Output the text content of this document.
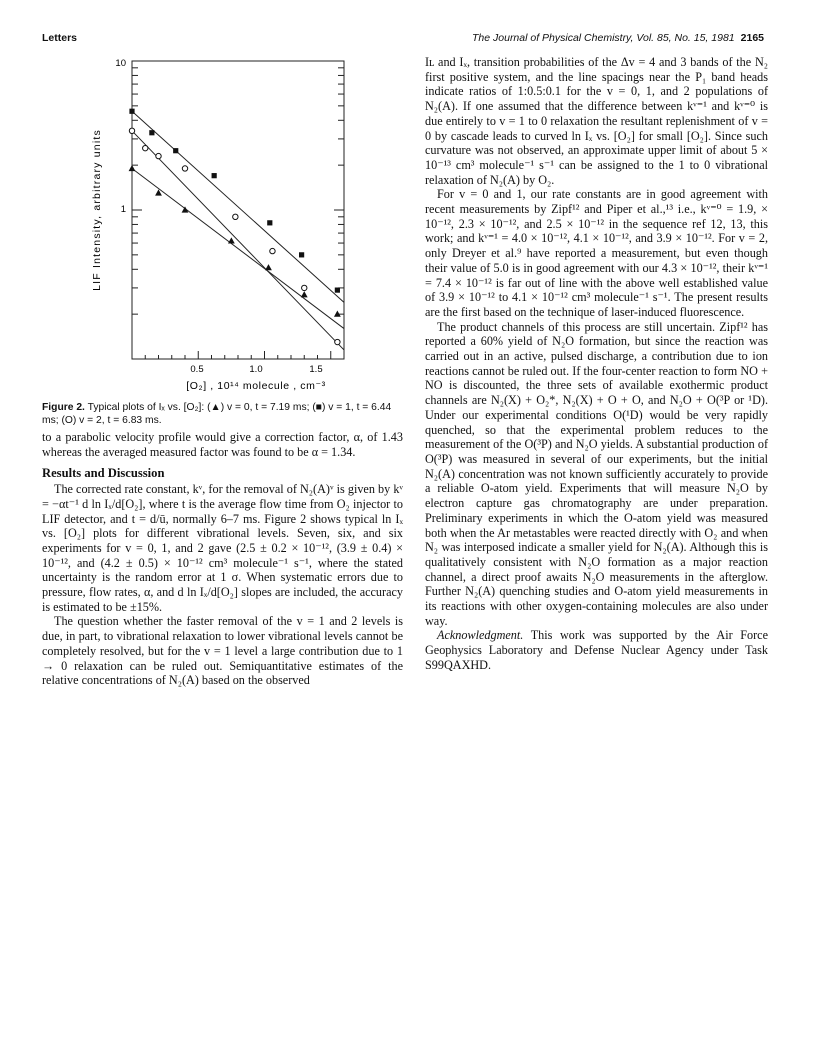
Letters	The Journal of Physical Chemistry, Vol. 85, No. 15, 1981 2165
10
1
0.5	1.0	1.5
LIF Intensity, arbitrary units
[O₂] , 10¹⁴ molecule , cm⁻³
Figure 2. Typical plots of Iₓ vs. [O₂]: (▲) v = 0, t = 7.19 ms; (■) v = 1, t = 6.44 ms; (O) v = 2, t = 6.83 ms.

to a parabolic velocity profile would give a correction factor, α, of 1.43 whereas the averaged measured factor was found to be α = 1.34.

Results and Discussion

The corrected rate constant, kᵛ, for the removal of N₂(A)ᵛ is given by kᵛ = −αt⁻¹ d ln Iₓ/d[O₂], where t is the average flow time from O₂ injector to LIF detector, and t = d/ū, normally 6–7 ms. Figure 2 shows typical ln Iₓ vs. [O₂] plots for different vibrational levels. Seven, six, and six experiments for v = 0, 1, and 2 gave (2.5 ± 0.2 × 10⁻¹², (3.9 ± 0.4) × 10⁻¹², and (4.2 ± 0.5) × 10⁻¹² cm³ molecule⁻¹ s⁻¹, where the stated uncertainty is the random error at 1 σ. When systematic errors due to pressure, flow rates, α, and d ln Iₓ/d[O₂] slopes are included, the accuracy is estimated to be ±15%.

The question whether the faster removal of the v = 1 and 2 levels is due, in part, to vibrational relaxation to lower vibrational levels cannot be completely resolved, but for the v = 1 level a large contribution due to 1 → 0 relaxation can be ruled out. Semiquantitative estimates of the relative concentrations of N₂(A) based on the observed

Iʟ and Iₓ, transition probabilities of the Δv = 4 and 3 bands of the N₂ first positive system, and the line spacings near the P₁ band heads indicate ratios of 1:0.5:0.1 for the v = 0, 1, and 2 populations of N₂(A). If one assumed that the difference between kᵛ⁼¹ and kᵛ⁼⁰ is due entirely to v = 1 to 0 relaxation the resultant replenishment of v = 0 by cascade leads to curved ln Iₓ vs. [O₂] for small [O₂]. Since such curvature was not observed, an approximate upper limit of about 5 × 10⁻¹³ cm³ molecule⁻¹ s⁻¹ can be assigned to the 1 to 0 vibrational relaxation of N₂(A) by O₂.

For v = 0 and 1, our rate constants are in good agreement with recent measurements by Zipf¹² and Piper et al.,¹³ i.e., kᵛ⁼⁰ = 1.9, × 10⁻¹², 2.3 × 10⁻¹², and 2.5 × 10⁻¹² in the sequence ref 12, 13, this work; and kᵛ⁼¹ = 4.0 × 10⁻¹², 4.1 × 10⁻¹², and 3.9 × 10⁻¹². For v = 2, only Dreyer et al.⁹ have reported a measurement, but even though their value of 5.0 is in good agreement with our 4.3 × 10⁻¹², their kᵛ⁼¹ = 7.4 × 10⁻¹² is far out of line with the above well established value of 3.9 × 10⁻¹² to 4.1 × 10⁻¹² cm³ molecule⁻¹ s⁻¹. The present results are the first based on the technique of laser-induced fluorescence.

The product channels of this process are still uncertain. Zipf¹² has reported a 60% yield of N₂O formation, but since the reaction was carried out in an active, pulsed discharge, a contribution due to ion reactions cannot be ruled out. If the four-center reaction to form NO + NO is discounted, the three sets of available exothermic product channels are N₂(X) + O₂*, N₂(X) + O + O, and N₂O + O(³P or ¹D). Under our experimental conditions O(¹D) would be very rapidly quenched, so that the experimental problem reduces to the measurement of the O(³P) and N₂O yields. A substantial production of O(³P) was measured in several of our experiments, but the initial N₂(A) concentration was not known sufficiently accurately to provide a reliable O-atom yield. Experiments that will measure N₂O by electron capture gas chromatography are under preparation. Preliminary experiments in which the O-atom yield was measured both when the Ar metastables were reacted directly with O₂ and when N₂ was interposed indicate a smaller yield for N₂(A). Although this is qualitatively consistent with N₂O formation as a major reaction channel, a direct proof awaits N₂O measurements in the afterglow. Further N₂(A) quenching studies and O-atom yield measurements in its reactions with other oxygen-containing molecules are also under way.

Acknowledgment. This work was supported by the Air Force Geophysics Laboratory and Defense Nuclear Agency under Task S99QAXHD.
